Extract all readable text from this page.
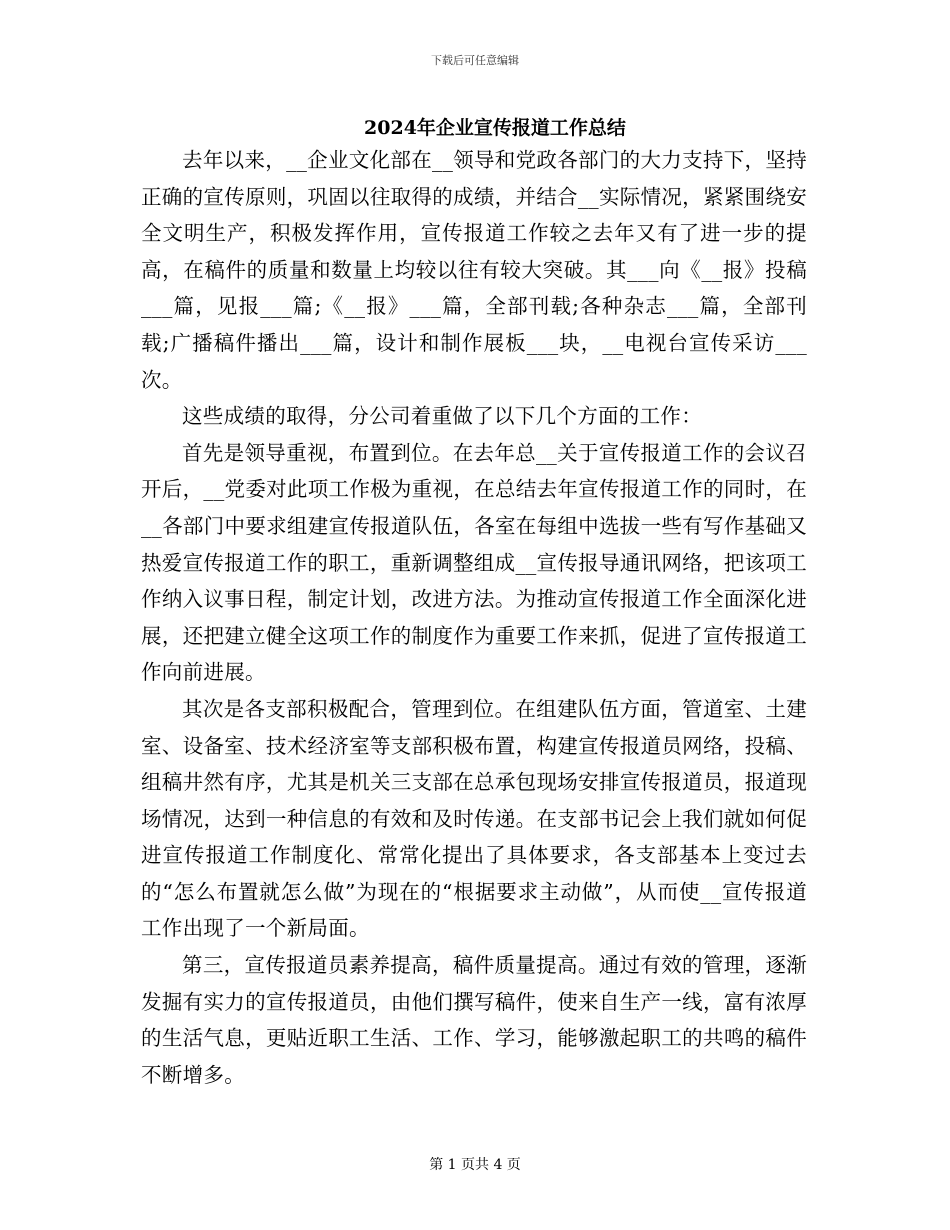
下载后可任意编辑
2024年企业宣传报道工作总结

去年以来，__企业文化部在__领导和党政各部门的大力支持下，坚持正确的宣传原则，巩固以往取得的成绩，并结合__实际情况，紧紧围绕安全文明生产，积极发挥作用，宣传报道工作较之去年又有了进一步的提高，在稿件的质量和数量上均较以往有较大突破。其___向《__报》投稿___篇，见报___篇;《__报》___篇，全部刊载;各种杂志___篇，全部刊载;广播稿件播出___篇，设计和制作展板___块，__电视台宣传采访___次。

这些成绩的取得，分公司着重做了以下几个方面的工作：

首先是领导重视，布置到位。在去年总__关于宣传报道工作的会议召开后，__党委对此项工作极为重视，在总结去年宣传报道工作的同时，在__各部门中要求组建宣传报道队伍，各室在每组中选拔一些有写作基础又热爱宣传报道工作的职工，重新调整组成__宣传报导通讯网络，把该项工作纳入议事日程，制定计划，改进方法。为推动宣传报道工作全面深化进展，还把建立健全这项工作的制度作为重要工作来抓，促进了宣传报道工作向前进展。

其次是各支部积极配合，管理到位。在组建队伍方面，管道室、土建室、设备室、技术经济室等支部积极布置，构建宣传报道员网络，投稿、组稿井然有序，尤其是机关三支部在总承包现场安排宣传报道员，报道现场情况，达到一种信息的有效和及时传递。在支部书记会上我们就如何促进宣传报道工作制度化、常常化提出了具体要求，各支部基本上变过去的“怎么布置就怎么做”为现在的“根据要求主动做”，从而使__宣传报道工作出现了一个新局面。

第三，宣传报道员素养提高，稿件质量提高。通过有效的管理，逐渐发掘有实力的宣传报道员，由他们撰写稿件，使来自生产一线，富有浓厚的生活气息，更贴近职工生活、工作、学习，能够激起职工的共鸣的稿件不断增多。

第 1 页共 4 页
